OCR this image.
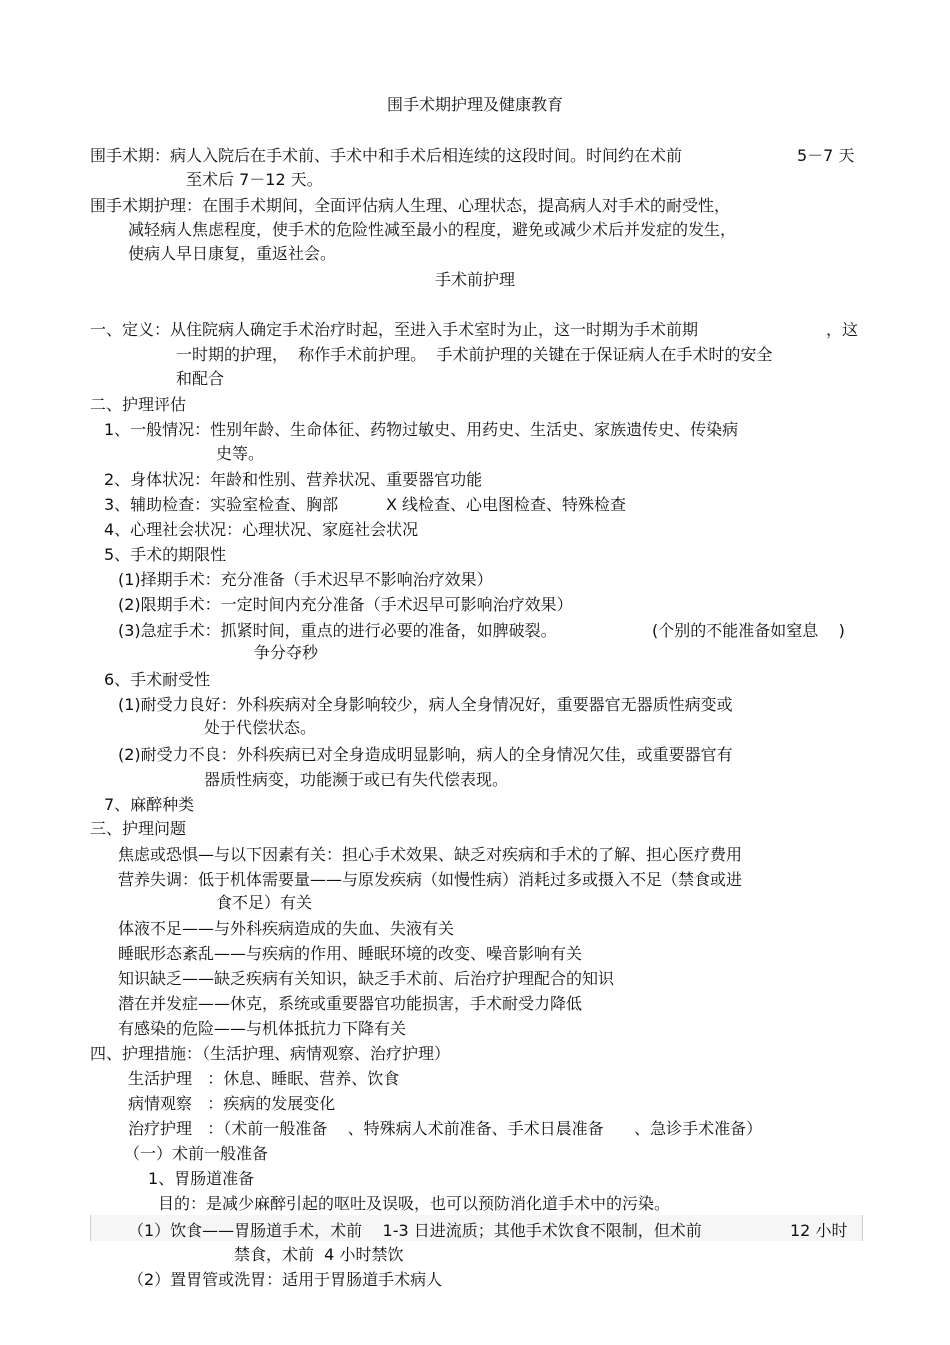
围手术期护理及健康教育
围手术期：病人入院后在手术前、手术中和手术后相连续的这段时间。时间约在术前	5－7 天
至术后 7－12 天。
围手术期护理：在围手术期间，全面评估病人生理、心理状态，提高病人对手术的耐受性，
减轻病人焦虑程度，使手术的危险性减至最小的程度，避免或减少术后并发症的发生，
使病人早日康复，重返社会。
手术前护理
一、定义：从住院病人确定手术治疗时起，至进入手术室时为止，这一时期为手术前期	，这
一时期的护理，  称作手术前护理。  手术前护理的关键在于保证病人在手术时的安全
和配合
二、护理评估
1、一般情况：性别年龄、生命体征、药物过敏史、用药史、生活史、家族遗传史、传染病
史等。
2、身体状况：年龄和性别、营养状况、重要器官功能
3、辅助检查：实验室检查、胸部	X 线检查、心电图检查、特殊检查
4、心理社会状况：心理状况、家庭社会状况
5、手术的期限性
(1)择期手术：充分准备（手术迟早不影响治疗效果）
(2)限期手术：一定时间内充分准备（手术迟早可影响治疗效果）
(3)急症手术：抓紧时间，重点的进行必要的准备，如脾破裂。	(个别的不能准备如窒息    )
争分夺秒
6、手术耐受性
(1)耐受力良好：外科疾病对全身影响较少，病人全身情况好，重要器官无器质性病变或
处于代偿状态。
(2)耐受力不良：外科疾病已对全身造成明显影响，病人的全身情况欠佳，或重要器官有
器质性病变，功能濒于或已有失代偿表现。
7、麻醉种类
三、护理问题
焦虑或恐惧—与以下因素有关：担心手术效果、缺乏对疾病和手术的了解、担心医疗费用
营养失调：低于机体需要量——与原发疾病（如慢性病）消耗过多或摄入不足（禁食或进
食不足）有关
体液不足——与外科疾病造成的失血、失液有关
睡眠形态紊乱——与疾病的作用、睡眠环境的改变、噪音影响有关
知识缺乏——缺乏疾病有关知识，缺乏手术前、后治疗护理配合的知识
潜在并发症——休克，系统或重要器官功能损害，手术耐受力降低
有感染的危险——与机体抵抗力下降有关
四、护理措施：（生活护理、病情观察、治疗护理）
生活护理   ：休息、睡眠、营养、饮食
病情观察   ：疾病的发展变化
治疗护理   ：（术前一般准备    、特殊病人术前准备、手术日晨准备      、急诊手术准备）
（一）术前一般准备
1、胃肠道准备
目的：是减少麻醉引起的呕吐及误吸，也可以预防消化道手术中的污染。
（1）饮食——胃肠道手术，术前    1-3 日进流质；其他手术饮食不限制，但术前	12 小时
禁食，术前  4 小时禁饮
（2）置胃管或洗胃：适用于胃肠道手术病人
